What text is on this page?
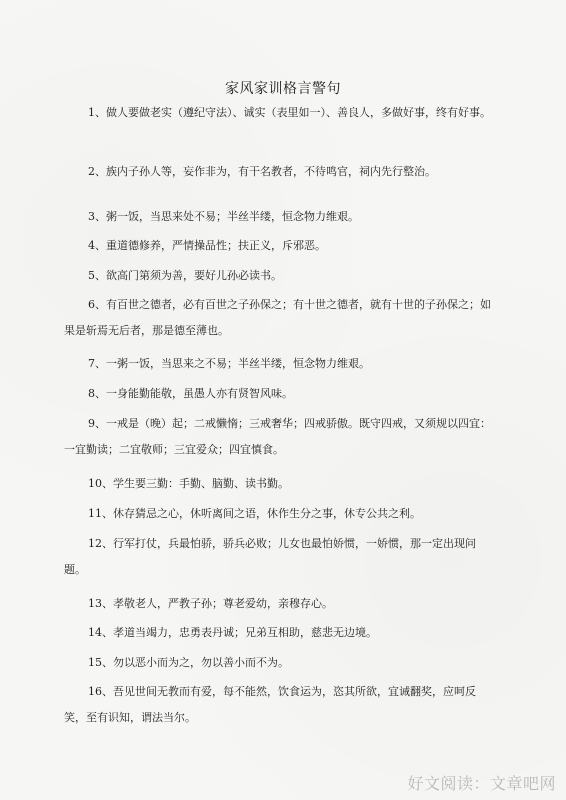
家风家训格言警句
1、做人要做老实（遵纪守法）、诚实（表里如一）、善良人，多做好事，终有好事。
2、族内子孙人等，妄作非为，有干名教者，不待鸣官，祠内先行整治。
3、粥一饭，当思来处不易；半丝半缕，恒念物力维艰。
4、重道德修养，严情操品性；扶正义，斥邪恶。
5、欲高门第须为善，要好儿孙必读书。
6、有百世之德者，必有百世之子孙保之；有十世之德者，就有十世的子孙保之；如果是斩焉无后者，那是德至薄也。
7、一粥一饭，当思来之不易；半丝半缕，恒念物力维艰。
8、一身能勤能敬，虽愚人亦有贤智风味。
9、一戒是（晚）起；二戒懒惰；三戒奢华；四戒骄傲。既守四戒，又须规以四宜：一宜勤读；二宜敬师；三宜爱众；四宜慎食。
10、学生要三勤：手勤、脑勤、读书勤。
11、休存猜忌之心，休听离间之语，休作生分之事，休专公共之利。
12、行军打仗，兵最怕骄，骄兵必败；儿女也最怕娇惯，一娇惯，那一定出现问题。
13、孝敬老人，严教子孙；尊老爱幼，亲穆存心。
14、孝道当竭力，忠勇表丹诚；兄弟互相助，慈悲无边境。
15、勿以恶小而为之，勿以善小而不为。
16、吾见世间无教而有爱，每不能然，饮食运为，恣其所欲，宜诫翻奖，应呵反笑，至有识知，谓法当尔。
好文阅读：文章吧网
